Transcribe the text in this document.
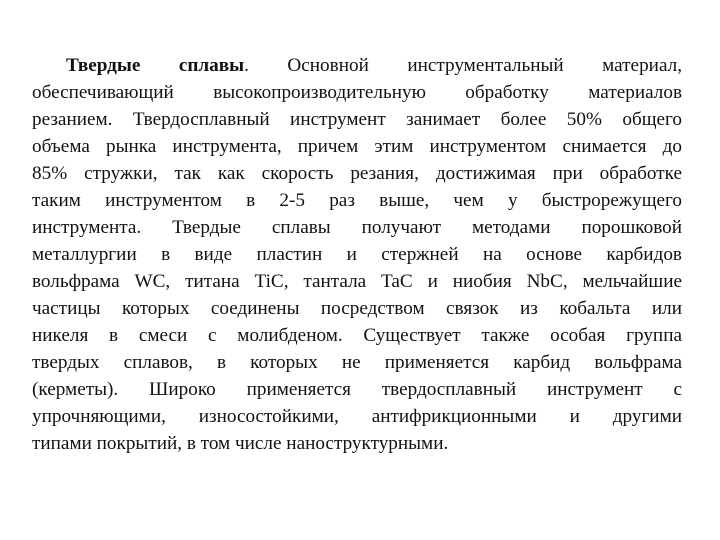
Твердые сплавы. Основной инструментальный материал,
обеспечивающий высокопроизводительную обработку материалов
резанием. Твердосплавный инструмент занимает более 50% общего
объема рынка инструмента, причем этим инструментом снимается до
85% стружки, так как скорость резания, достижимая при обработке
таким инструментом в 2-5 раз выше, чем у быстрорежущего
инструмента. Твердые сплавы получают методами порошковой
металлургии в виде пластин и стержней на основе карбидов
вольфрама WC, титана TiC, тантала TaC и ниобия NbC, мельчайшие
частицы которых соединены посредством связок из кобальта или
никеля в смеси с молибденом. Существует также особая группа
твердых сплавов, в которых не применяется карбид вольфрама
(керметы). Широко применяется твердосплавный инструмент с
упрочняющими, износостойкими, антифрикционными и другими
типами покрытий, в том числе наноструктурными.
